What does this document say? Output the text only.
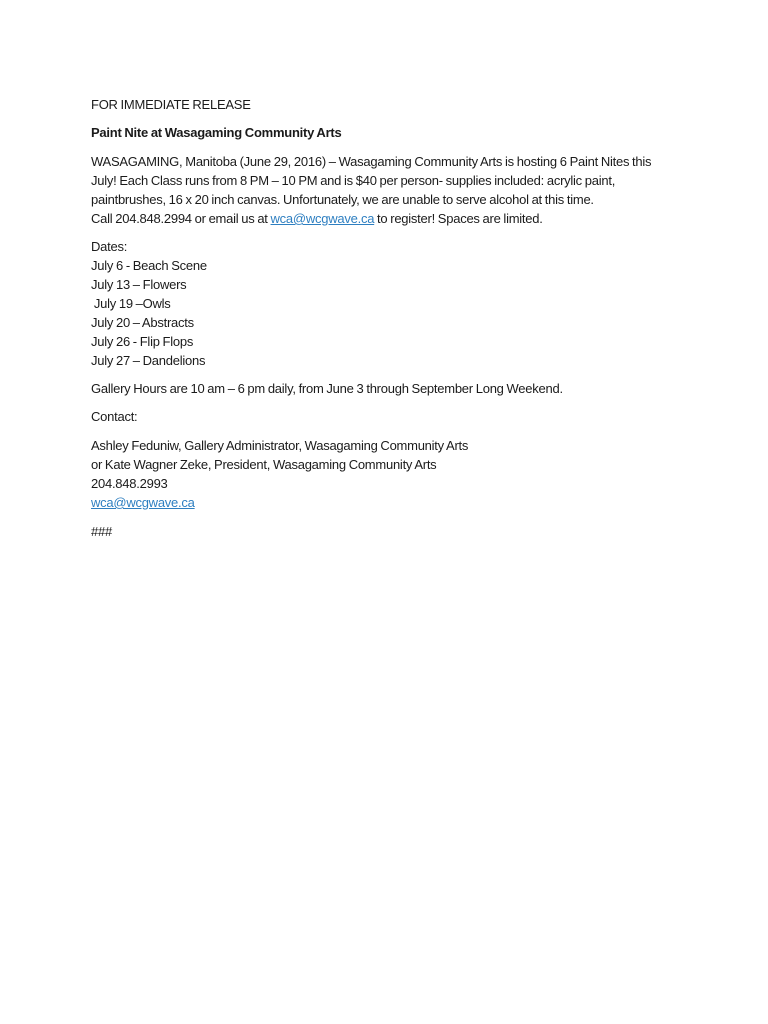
FOR IMMEDIATE RELEASE
Paint Nite at Wasagaming Community Arts
WASAGAMING, Manitoba (June 29, 2016) – Wasagaming Community Arts is hosting 6 Paint Nites this
July! Each Class runs from 8 PM – 10 PM and is $40 per person- supplies included: acrylic paint,
paintbrushes, 16 x 20 inch canvas. Unfortunately, we are unable to serve alcohol at this time.
Call 204.848.2994 or email us at wca@wcgwave.ca to register! Spaces are limited.
Dates:
July 6 - Beach Scene
July 13 – Flowers
July 19 –Owls
July 20 – Abstracts
July 26 - Flip Flops
July 27 – Dandelions
Gallery Hours are 10 am – 6 pm daily, from June 3 through September Long Weekend.
Contact:
Ashley Feduniw, Gallery Administrator, Wasagaming Community Arts
or Kate Wagner Zeke, President, Wasagaming Community Arts
204.848.2993
wca@wcgwave.ca
###
